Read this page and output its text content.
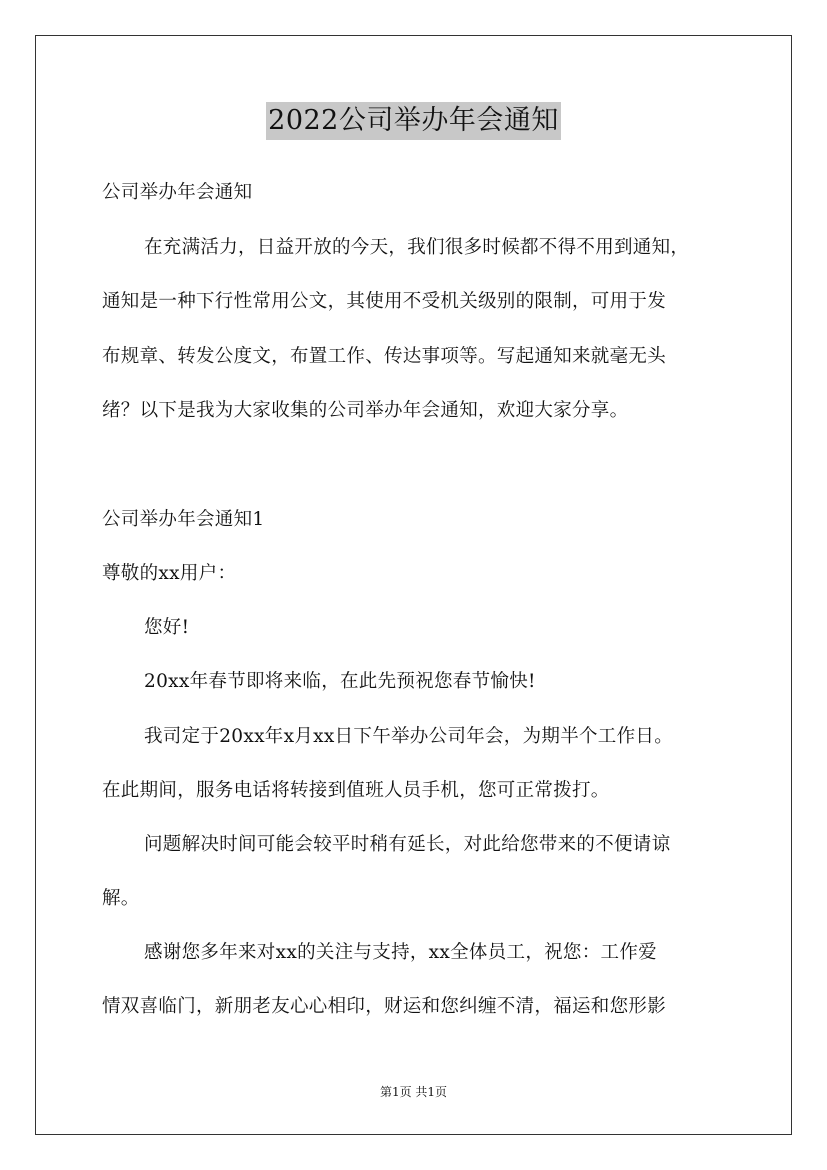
2022公司举办年会通知
公司举办年会通知
在充满活力，日益开放的今天，我们很多时候都不得不用到通知，
通知是一种下行性常用公文，其使用不受机关级别的限制，可用于发
布规章、转发公度文，布置工作、传达事项等。写起通知来就毫无头
绪？以下是我为大家收集的公司举办年会通知，欢迎大家分享。
公司举办年会通知1
尊敬的xx用户：
您好!
20xx年春节即将来临，在此先预祝您春节愉快!
我司定于20xx年x月xx日下午举办公司年会，为期半个工作日。
在此期间，服务电话将转接到值班人员手机，您可正常拨打。
问题解决时间可能会较平时稍有延长，对此给您带来的不便请谅
解。
感谢您多年来对xx的关注与支持，xx全体员工，祝您：工作爱
情双喜临门，新朋老友心心相印，财运和您纠缠不清，福运和您形影
第1页 共1页
